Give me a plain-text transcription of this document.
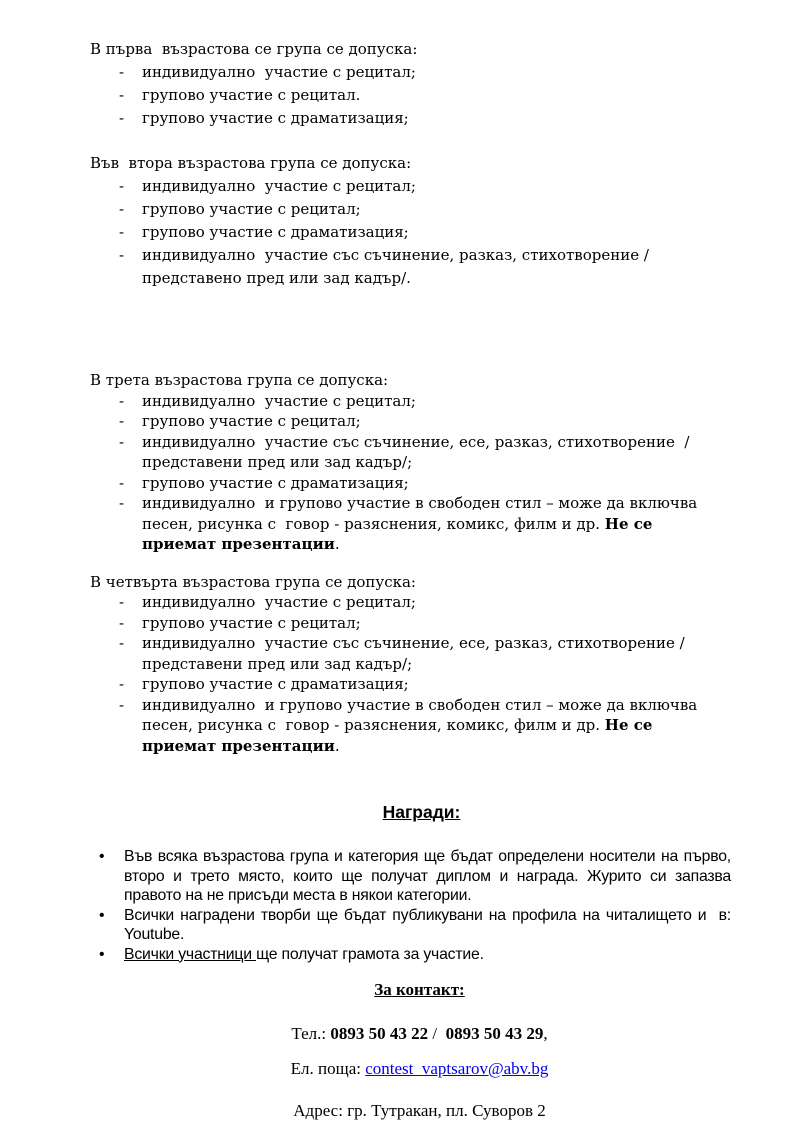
В първа  възрастова се група се допуска:

- индивидуално  участие с рецитал;
- групово участие с рецитал.
- групово участие с драматизация;

Във  втора възрастова група се допуска:

- индивидуално  участие с рецитал;
- групово участие с рецитал;
- групово участие с драматизация;
- индивидуално  участие със съчинение, разказ, стихотворение /представено пред или зад кадър/.

В трета възрастова група се допуска:

- индивидуално  участие с рецитал;
- групово участие с рецитал;
- индивидуално  участие със съчинение, есе, разказ, стихотворение  /представени пред или зад кадър/;
- групово участие с драматизация;
- индивидуално  и групово участие в свободен стил – може да включва песен, рисунка с  говор - разяснения, комикс, филм и др. Не се приемат презентации.

В четвърта възрастова група се допуска:

- индивидуално  участие с рецитал;
- групово участие с рецитал;
- индивидуално  участие със съчинение, есе, разказ, стихотворение /представени пред или зад кадър/;
- групово участие с драматизация;
- индивидуално  и групово участие в свободен стил – може да включва песен, рисунка с  говор - разяснения, комикс, филм и др. Не се приемат презентации.
Награди:
• Във всяка възрастова група и категория ще бъдат определени носители на първо, второ и трето място, които ще получат диплом и награда. Журито си запазва правото на не присъди места в някои категории.
• Всички наградени творби ще бъдат публикувани на профила на читалището и  в: Youtube.
• Всички участници ще получат грамота за участие.
За контакт:

Тел.: 0893 50 43 22 /  0893 50 43 29,

Ел. поща: contest_vaptsarov@abv.bg

Адрес: гр. Тутракан, пл. Суворов 2
